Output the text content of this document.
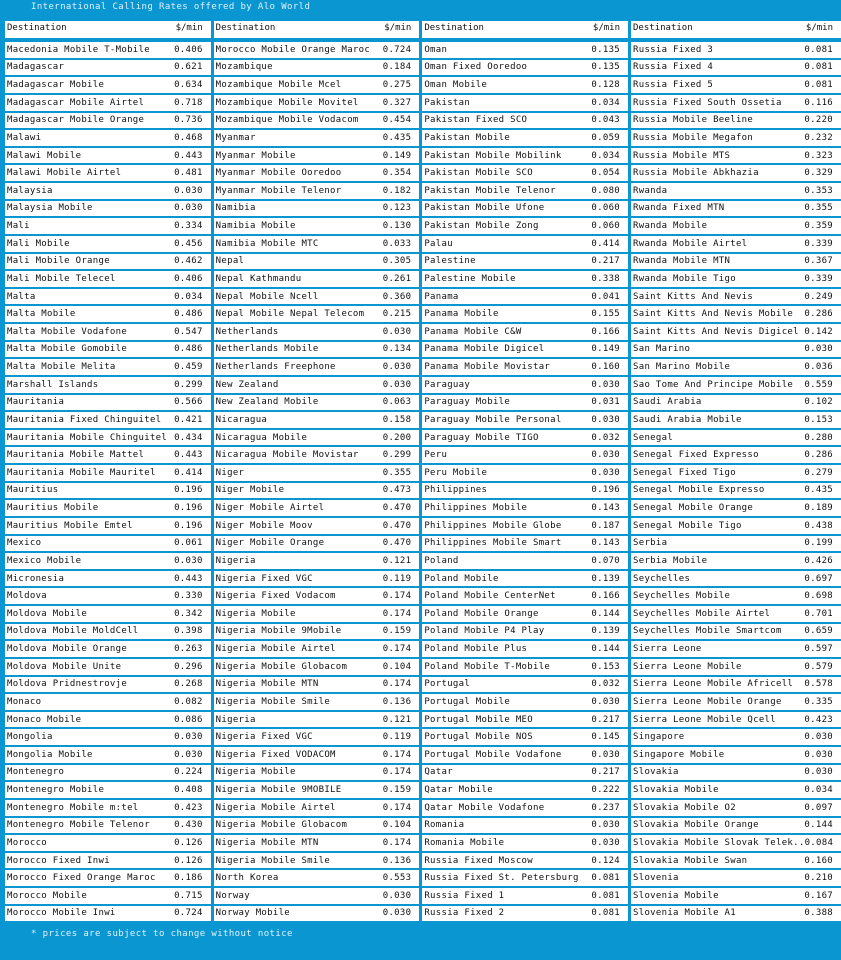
International Calling Rates offered by Alo World
Destination	$/min
Macedonia Mobile T-Mobile	0.406
Madagascar	0.621
Madagascar Mobile	0.634
Madagascar Mobile Airtel	0.718
Madagascar Mobile Orange	0.736
Malawi	0.468
Malawi Mobile	0.443
Malawi Mobile Airtel	0.481
Malaysia	0.030
Malaysia Mobile	0.030
Mali	0.334
Mali Mobile	0.456
Mali Mobile Orange	0.462
Mali Mobile Telecel	0.406
Malta	0.034
Malta Mobile	0.486
Malta Mobile Vodafone	0.547
Malta Mobile Gomobile	0.486
Malta Mobile Melita	0.459
Marshall Islands	0.299
Mauritania	0.566
Mauritania Fixed Chinguitel 0.421
Mauritania Mobile Chinguitel 0.434
Mauritania Mobile Mattel	0.443
Mauritania Mobile Mauritel 0.414
Mauritius	0.196
Mauritius Mobile	0.196
Mauritius Mobile Emtel	0.196
Mexico	0.061
Mexico Mobile	0.030
Micronesia	0.443
Moldova	0.330
Moldova Mobile	0.342
Moldova Mobile MoldCell	0.398
Moldova Mobile Orange	0.263
Moldova Mobile Unite	0.296
Moldova Pridnestrovje	0.268
Monaco	0.082
Monaco Mobile	0.086
Mongolia	0.030
Mongolia Mobile	0.030
Montenegro	0.224
Montenegro Mobile	0.408
Montenegro Mobile m:tel	0.423
Montenegro Mobile Telenor	0.430
Morocco	0.126
Morocco Fixed Inwi	0.126
Morocco Fixed Orange Maroc 0.186
Morocco Mobile	0.715
Morocco Mobile Inwi	0.724
Destination	$/min
Morocco Mobile Orange Maroc 0.724
Mozambique	0.184
Mozambique Mobile Mcel	0.275
Mozambique Mobile Movitel	0.327
Mozambique Mobile Vodacom	0.454
Myanmar	0.435
Myanmar Mobile	0.149
Myanmar Mobile Ooredoo	0.354
Myanmar Mobile Telenor	0.182
Namibia	0.123
Namibia Mobile	0.130
Namibia Mobile MTC	0.033
Nepal	0.305
Nepal Kathmandu	0.261
Nepal Mobile Ncell	0.360
Nepal Mobile Nepal Telecom 0.215
Netherlands	0.030
Netherlands Mobile	0.134
Netherlands Freephone	0.030
New Zealand	0.030
New Zealand Mobile	0.063
Nicaragua	0.158
Nicaragua Mobile	0.200
Nicaragua Mobile Movistar	0.299
Niger	0.355
Niger Mobile	0.473
Niger Mobile Airtel	0.470
Niger Mobile Moov	0.470
Niger Mobile Orange	0.470
Nigeria	0.121
Nigeria Fixed VGC	0.119
Nigeria Fixed Vodacom	0.174
Nigeria Mobile	0.174
Nigeria Mobile 9Mobile	0.159
Nigeria Mobile Airtel	0.174
Nigeria Mobile Globacom	0.104
Nigeria Mobile MTN	0.174
Nigeria Mobile Smile	0.136
Nigeria	0.121
Nigeria Fixed VGC	0.119
Nigeria Fixed VODACOM	0.174
Nigeria Mobile	0.174
Nigeria Mobile 9MOBILE	0.159
Nigeria Mobile Airtel	0.174
Nigeria Mobile Globacom	0.104
Nigeria Mobile MTN	0.174
Nigeria Mobile Smile	0.136
North Korea	0.553
Norway	0.030
Norway Mobile	0.030
Destination	$/min
Oman	0.135
Oman Fixed Ooredoo	0.135
Oman Mobile	0.128
Pakistan	0.034
Pakistan Fixed SCO	0.043
Pakistan Mobile	0.059
Pakistan Mobile Mobilink	0.034
Pakistan Mobile SCO	0.054
Pakistan Mobile Telenor	0.080
Pakistan Mobile Ufone	0.060
Pakistan Mobile Zong	0.060
Palau	0.414
Palestine	0.217
Palestine Mobile	0.338
Panama	0.041
Panama Mobile	0.155
Panama Mobile C&W	0.166
Panama Mobile Digicel	0.149
Panama Mobile Movistar	0.160
Paraguay	0.030
Paraguay Mobile	0.031
Paraguay Mobile Personal	0.030
Paraguay Mobile TIGO	0.032
Peru	0.030
Peru Mobile	0.030
Philippines	0.196
Philippines Mobile	0.143
Philippines Mobile Globe	0.187
Philippines Mobile Smart	0.143
Poland	0.070
Poland Mobile	0.139
Poland Mobile CenterNet	0.166
Poland Mobile Orange	0.144
Poland Mobile P4 Play	0.139
Poland Mobile Plus	0.144
Poland Mobile T-Mobile	0.153
Portugal	0.032
Portugal Mobile	0.030
Portugal Mobile MEO	0.217
Portugal Mobile NOS	0.145
Portugal Mobile Vodafone	0.030
Qatar	0.217
Qatar Mobile	0.222
Qatar Mobile Vodafone	0.237
Romania	0.030
Romania Mobile	0.030
Russia Fixed Moscow	0.124
Russia Fixed St. Petersburg 0.081
Russia Fixed 1	0.081
Russia Fixed 2	0.081
Destination	$/min
Russia Fixed 3	0.081
Russia Fixed 4	0.081
Russia Fixed 5	0.081
Russia Fixed South Ossetia	0.116
Russia Mobile Beeline	0.220
Russia Mobile Megafon	0.232
Russia Mobile MTS	0.323
Russia Mobile Abkhazia	0.329
Rwanda	0.353
Rwanda Fixed MTN	0.355
Rwanda Mobile	0.359
Rwanda Mobile Airtel	0.339
Rwanda Mobile MTN	0.367
Rwanda Mobile Tigo	0.339
Saint Kitts And Nevis	0.249
Saint Kitts And Nevis Mobile 0.286
Saint Kitts And Nevis Digicel 0.142
San Marino	0.030
San Marino Mobile	0.036
Sao Tome And Principe Mobile 0.559
Saudi Arabia	0.102
Saudi Arabia Mobile	0.153
Senegal	0.280
Senegal Fixed Expresso	0.286
Senegal Fixed Tigo	0.279
Senegal Mobile Expresso	0.435
Senegal Mobile Orange	0.189
Senegal Mobile Tigo	0.438
Serbia	0.199
Serbia Mobile	0.426
Seychelles	0.697
Seychelles Mobile	0.698
Seychelles Mobile Airtel	0.701
Seychelles Mobile Smartcom	0.659
Sierra Leone	0.597
Sierra Leone Mobile	0.579
Sierra Leone Mobile Africell 0.578
Sierra Leone Mobile Orange	0.335
Sierra Leone Mobile Qcell	0.423
Singapore	0.030
Singapore Mobile	0.030
Slovakia	0.030
Slovakia Mobile	0.034
Slovakia Mobile O2	0.097
Slovakia Mobile Orange	0.144
Slovakia Mobile Slovak Telek.. 0.084
Slovakia Mobile Swan	0.160
Slovenia	0.210
Slovenia Mobile	0.167
Slovenia Mobile A1	0.388
* prices are subject to change without notice
